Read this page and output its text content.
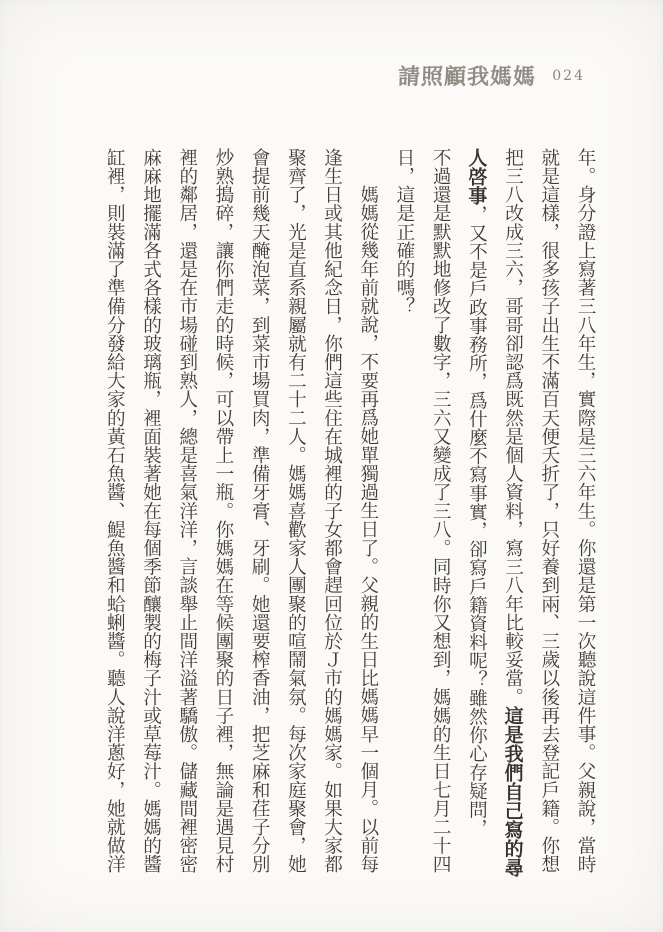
請照顧我媽媽 024
年。身分證上寫著三八年生，實際是三六年生。你還是第一次聽說這件事。父親說，當時
就是這樣，很多孩子出生不滿百天便夭折了，只好養到兩、三歲以後再去登記戶籍。你想
把三八改成三六，哥哥卻認爲既然是個人資料，寫三八年比較妥當。這是我們自己寫的尋
人啓事，又不是戶政事務所，爲什麼不寫事實，卻寫戶籍資料呢？雖然你心存疑問，
不過還是默默地修改了數字，三六又變成了三八。同時你又想到，媽媽的生日七月二十四
日，這是正確的嗎？
媽媽從幾年前就說，不要再爲她單獨過生日了。父親的生日比媽媽早一個月。以前每
逢生日或其他紀念日，你們這些住在城裡的子女都會趕回位於Ｊ市的媽媽家。如果大家都
聚齊了，光是直系親屬就有二十二人。媽媽喜歡家人團聚的喧鬧氣氛。每次家庭聚會，她
會提前幾天醃泡菜，到菜市場買肉，準備牙膏、牙刷。她還要榨香油，把芝麻和荏子分別
炒熟搗碎，讓你們走的時候，可以帶上一瓶。你媽媽在等候團聚的日子裡，無論是遇見村
裡的鄰居，還是在市場碰到熟人，總是喜氣洋洋，言談舉止間洋溢著驕傲。儲藏間裡密密
麻麻地擺滿各式各樣的玻璃瓶，裡面裝著她在每個季節釀製的梅子汁或草莓汁。媽媽的醬
缸裡，則裝滿了準備分發給大家的黃石魚醬、鯷魚醬和蛤蜊醬。聽人說洋蔥好，她就做洋
